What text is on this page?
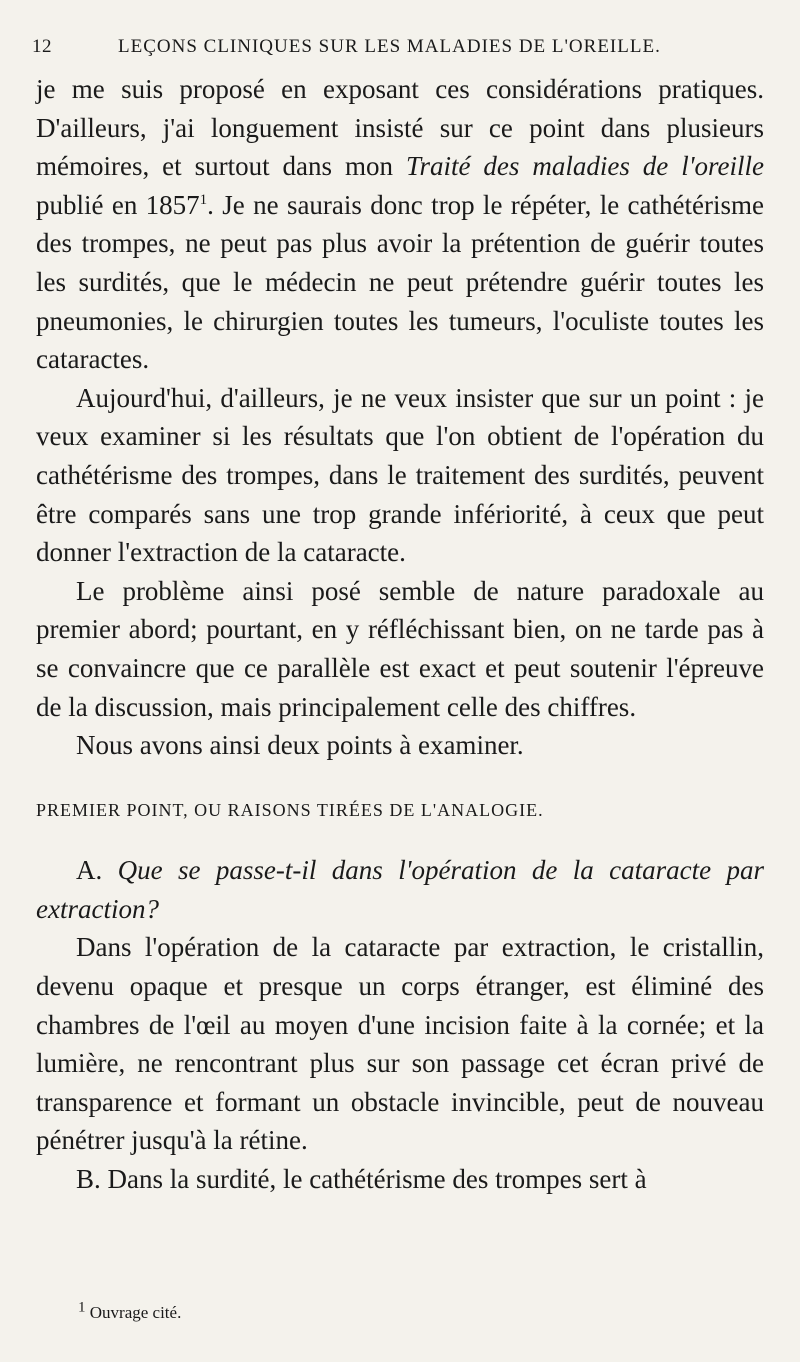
12	LEÇONS CLINIQUES SUR LES MALADIES DE L'OREILLE.

je me suis proposé en exposant ces considérations pratiques. D'ailleurs, j'ai longuement insisté sur ce point dans plusieurs mémoires, et surtout dans mon Traité des maladies de l'oreille publié en 1857$^1$. Je ne saurais donc trop le répéter, le cathétérisme des trompes, ne peut pas plus avoir la prétention de guérir toutes les surdités, que le médecin ne peut prétendre guérir toutes les pneumonies, le chirurgien toutes les tumeurs, l'oculiste toutes les cataractes.

Aujourd'hui, d'ailleurs, je ne veux insister que sur un point : je veux examiner si les résultats que l'on obtient de l'opération du cathétérisme des trompes, dans le traitement des surdités, peuvent être comparés sans une trop grande infériorité, à ceux que peut donner l'extraction de la cataracte.

Le problème ainsi posé semble de nature paradoxale au premier abord; pourtant, en y réfléchissant bien, on ne tarde pas à se convaincre que ce parallèle est exact et peut soutenir l'épreuve de la discussion, mais principalement celle des chiffres.

Nous avons ainsi deux points à examiner.

PREMIER POINT, OU RAISONS TIRÉES DE L'ANALOGIE.

A. Que se passe-t-il dans l'opération de la cataracte par extraction?

Dans l'opération de la cataracte par extraction, le cristallin, devenu opaque et presque un corps étranger, est éliminé des chambres de l'œil au moyen d'une incision faite à la cornée; et la lumière, ne rencontrant plus sur son passage cet écran privé de transparence et formant un obstacle invincible, peut de nouveau pénétrer jusqu'à la rétine.

B. Dans la surdité, le cathétérisme des trompes sert à

$^1$ Ouvrage cité.
